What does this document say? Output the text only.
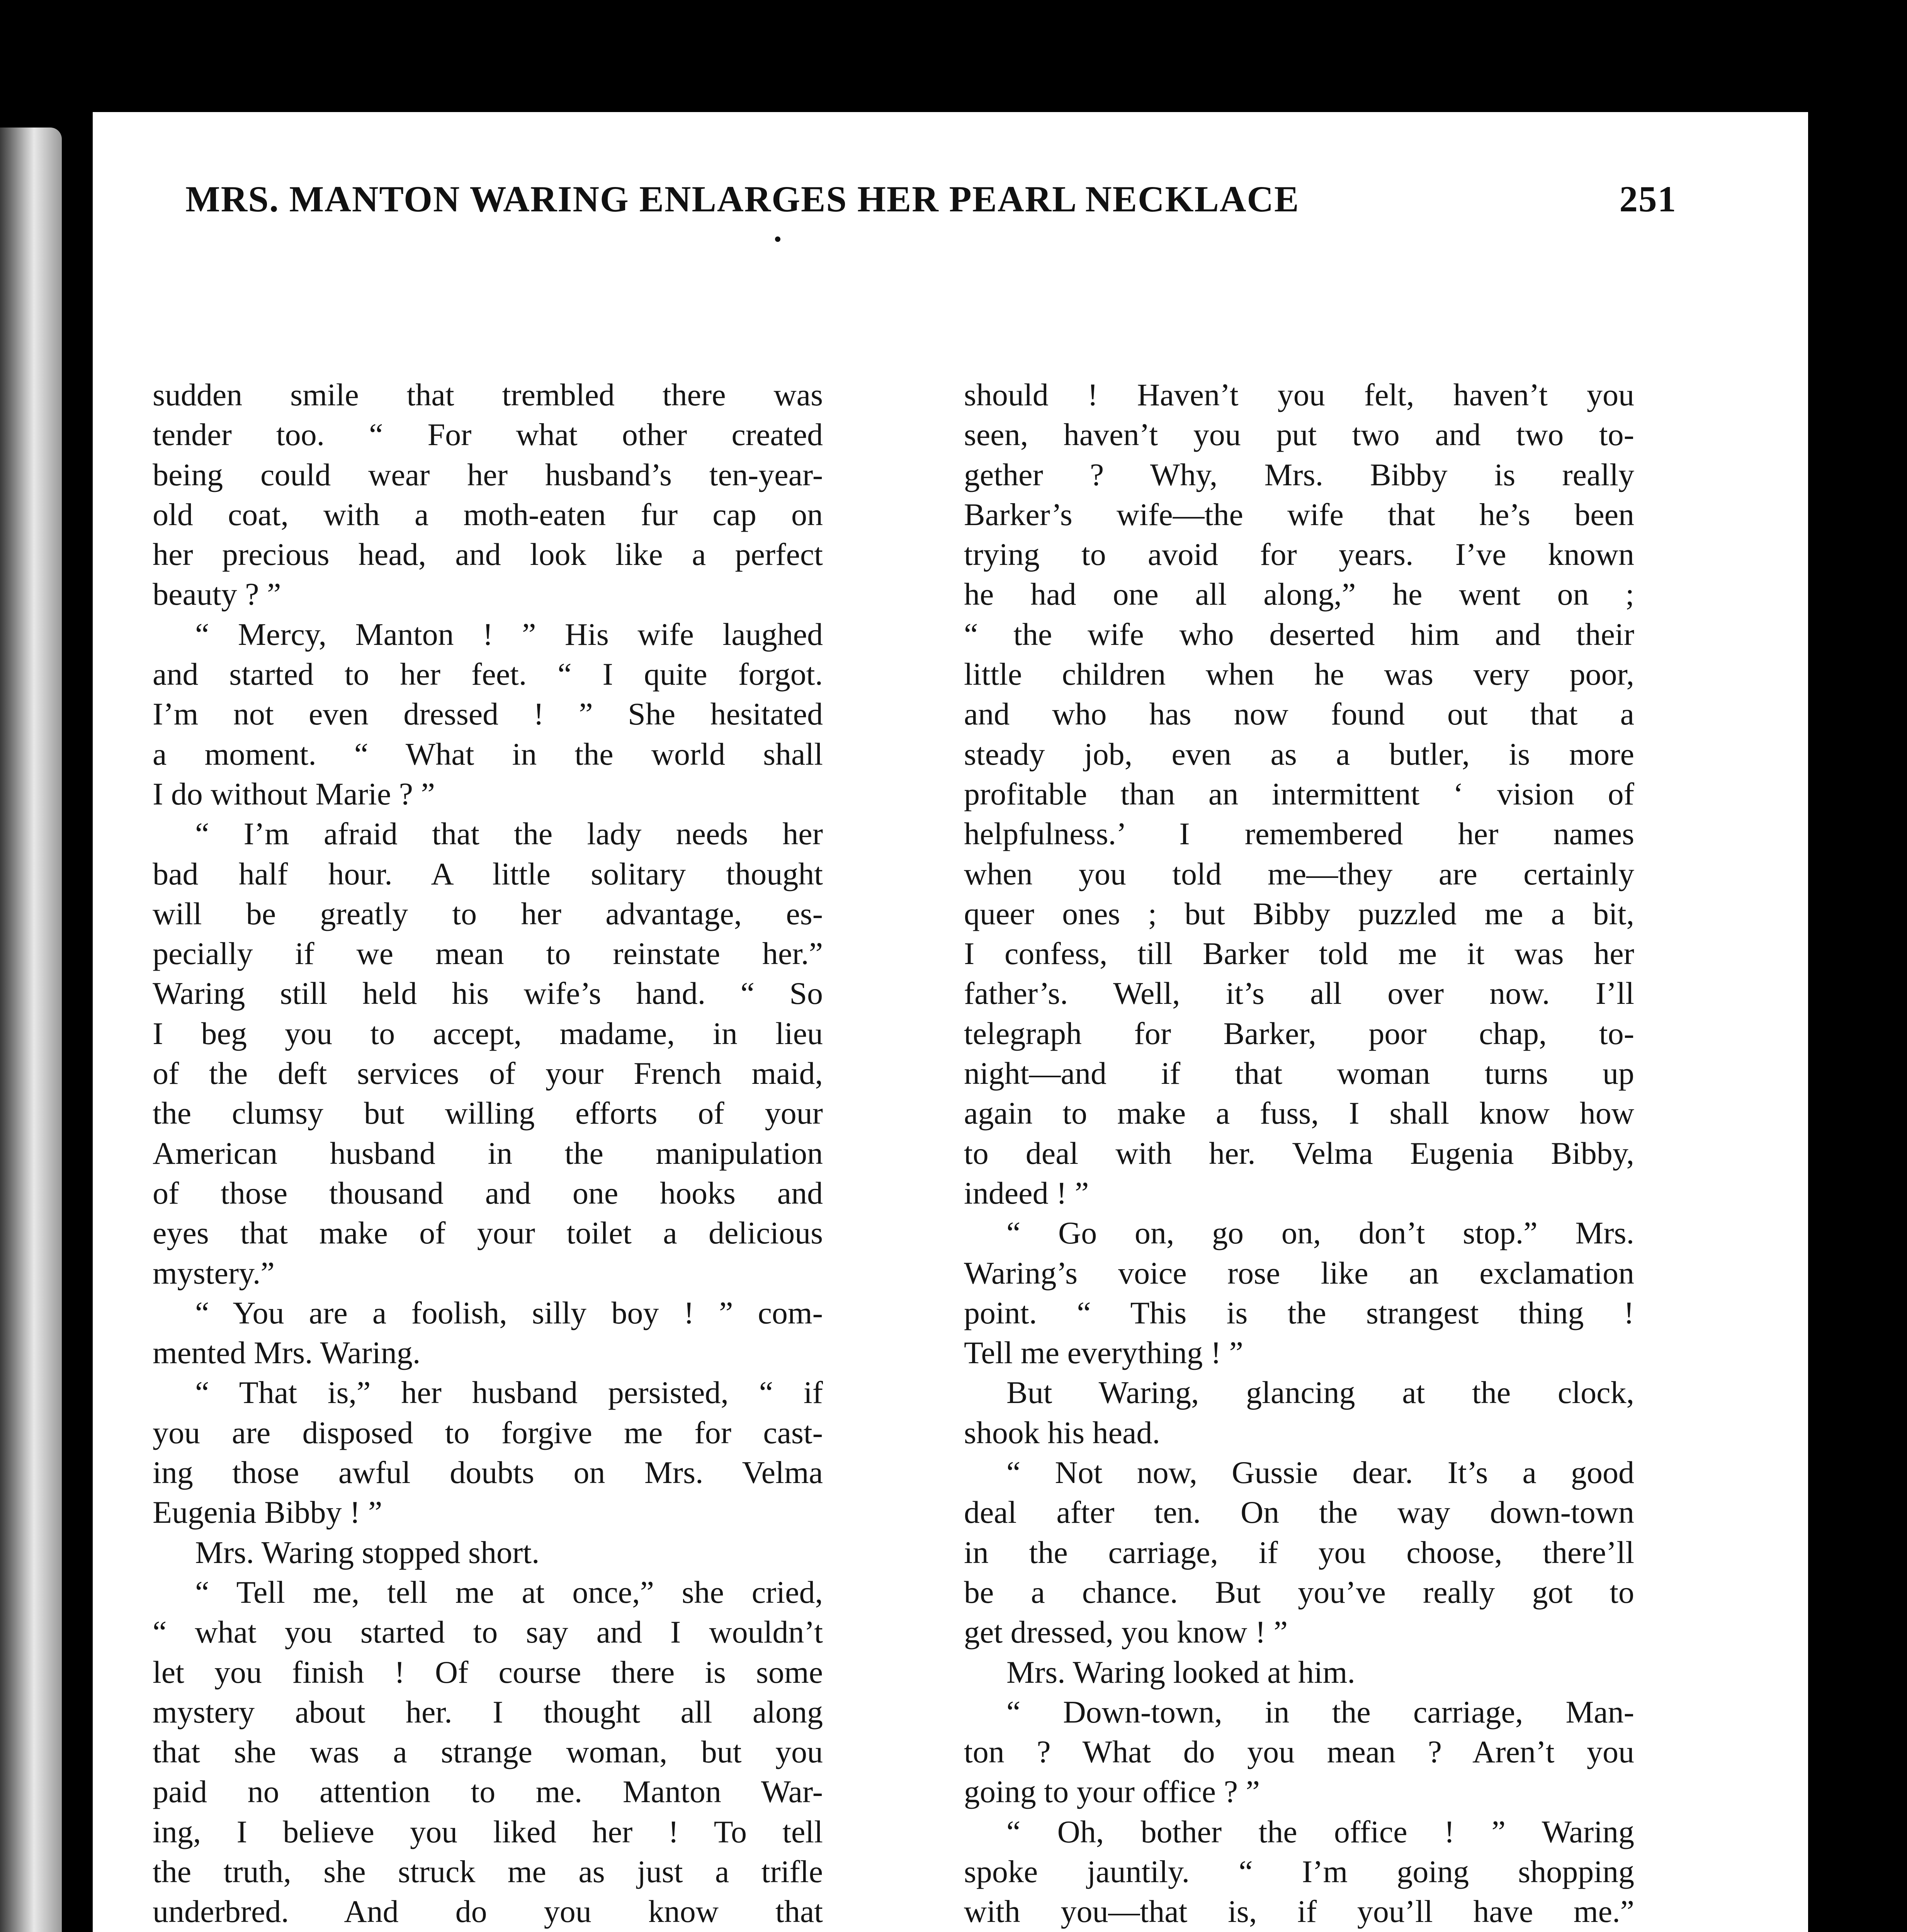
MRS. MANTON WARING ENLARGES HER PEARL NECKLACE	251
sudden smile that trembled there was
tender too. “ For what other created
being could wear her husband’s ten-year-
old coat, with a moth-eaten fur cap on
her precious head, and look like a perfect
beauty ? ”
“ Mercy, Manton ! ” His wife laughed
and started to her feet. “ I quite forgot.
I’m not even dressed ! ” She hesitated
a moment. “ What in the world shall
I do without Marie ? ”
“ I’m afraid that the lady needs her
bad half hour. A little solitary thought
will be greatly to her advantage, es-
pecially if we mean to reinstate her.”
Waring still held his wife’s hand. “ So
I beg you to accept, madame, in lieu
of the deft services of your French maid,
the clumsy but willing efforts of your
American husband in the manipulation
of those thousand and one hooks and
eyes that make of your toilet a delicious
mystery.”
“ You are a foolish, silly boy ! ” com-
mented Mrs. Waring.
“ That is,” her husband persisted, “ if
you are disposed to forgive me for cast-
ing those awful doubts on Mrs. Velma
Eugenia Bibby ! ”
Mrs. Waring stopped short.
“ Tell me, tell me at once,” she cried,
“ what you started to say and I wouldn’t
let you finish ! Of course there is some
mystery about her. I thought all along
that she was a strange woman, but you
paid no attention to me. Manton War-
ing, I believe you liked her ! To tell
the truth, she struck me as just a trifle
underbred. And do you know that
should ! Haven’t you felt, haven’t you
seen, haven’t you put two and two to-
gether ? Why, Mrs. Bibby is really
Barker’s wife—the wife that he’s been
trying to avoid for years. I’ve known
he had one all along,” he went on ;
“ the wife who deserted him and their
little children when he was very poor,
and who has now found out that a
steady job, even as a butler, is more
profitable than an intermittent ‘ vision of
helpfulness.’ I remembered her names
when you told me—they are certainly
queer ones ; but Bibby puzzled me a bit,
I confess, till Barker told me it was her
father’s. Well, it’s all over now. I’ll
telegraph for Barker, poor chap, to-
night—and if that woman turns up
again to make a fuss, I shall know how
to deal with her. Velma Eugenia Bibby,
indeed ! ”
“ Go on, go on, don’t stop.” Mrs.
Waring’s voice rose like an exclamation
point. “ This is the strangest thing !
Tell me everything ! ”
But Waring, glancing at the clock,
shook his head.
“ Not now, Gussie dear. It’s a good
deal after ten. On the way down-town
in the carriage, if you choose, there’ll
be a chance. But you’ve really got to
get dressed, you know ! ”
Mrs. Waring looked at him.
“ Down-town, in the carriage, Man-
ton ? What do you mean ? Aren’t you
going to your office ? ”
“ Oh, bother the office ! ” Waring
spoke jauntily. “ I’m going shopping
with you—that is, if you’ll have me.”
